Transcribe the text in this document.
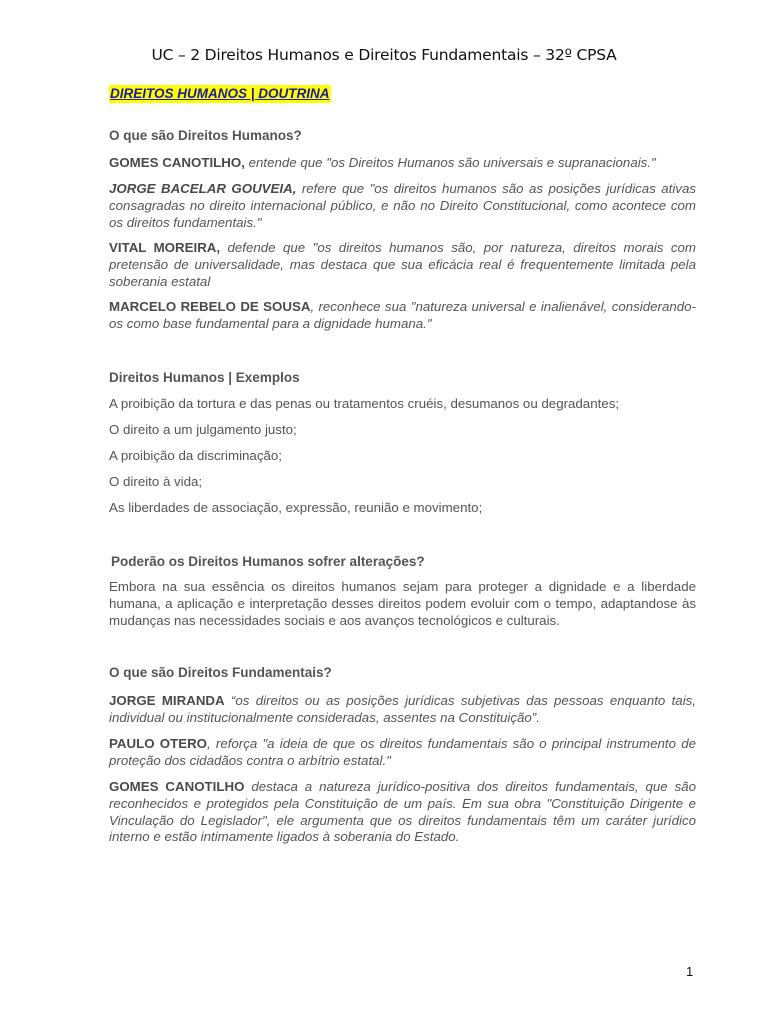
UC – 2 Direitos Humanos e Direitos Fundamentais – 32º CPSA
DIREITOS HUMANOS | DOUTRINA
O que são Direitos Humanos?
GOMES CANOTILHO, entende que "os Direitos Humanos são universais e supranacionais."
JORGE BACELAR GOUVEIA, refere que "os direitos humanos são as posições jurídicas ativas consagradas no direito internacional público, e não no Direito Constitucional, como acontece com os direitos fundamentais."
VITAL MOREIRA, defende que "os direitos humanos são, por natureza, direitos morais com pretensão de universalidade, mas destaca que sua eficácia real é frequentemente limitada pela soberania estatal
MARCELO REBELO DE SOUSA, reconhece sua "natureza universal e inalienável, considerando-os como base fundamental para a dignidade humana."
Direitos Humanos | Exemplos
A proibição da tortura e das penas ou tratamentos cruéis, desumanos ou degradantes;
O direito a um julgamento justo;
A proibição da discriminação;
O direito à vida;
As liberdades de associação, expressão, reunião e movimento;
Poderão os Direitos Humanos sofrer alterações?
Embora na sua essência os direitos humanos sejam para proteger a dignidade e a liberdade humana, a aplicação e interpretação desses direitos podem evoluir com o tempo, adaptandose às mudanças nas necessidades sociais e aos avanços tecnológicos e culturais.
O que são Direitos Fundamentais?
JORGE MIRANDA “os direitos ou as posições jurídicas subjetivas das pessoas enquanto tais, individual ou institucionalmente consideradas, assentes na Constituição”.
PAULO OTERO, reforça "a ideia de que os direitos fundamentais são o principal instrumento de proteção dos cidadãos contra o arbítrio estatal."
GOMES CANOTILHO destaca a natureza jurídico-positiva dos direitos fundamentais, que são reconhecidos e protegidos pela Constituição de um país. Em sua obra "Constituição Dirigente e Vinculação do Legislador", ele argumenta que os direitos fundamentais têm um caráter jurídico interno e estão intimamente ligados à soberania do Estado.
1
